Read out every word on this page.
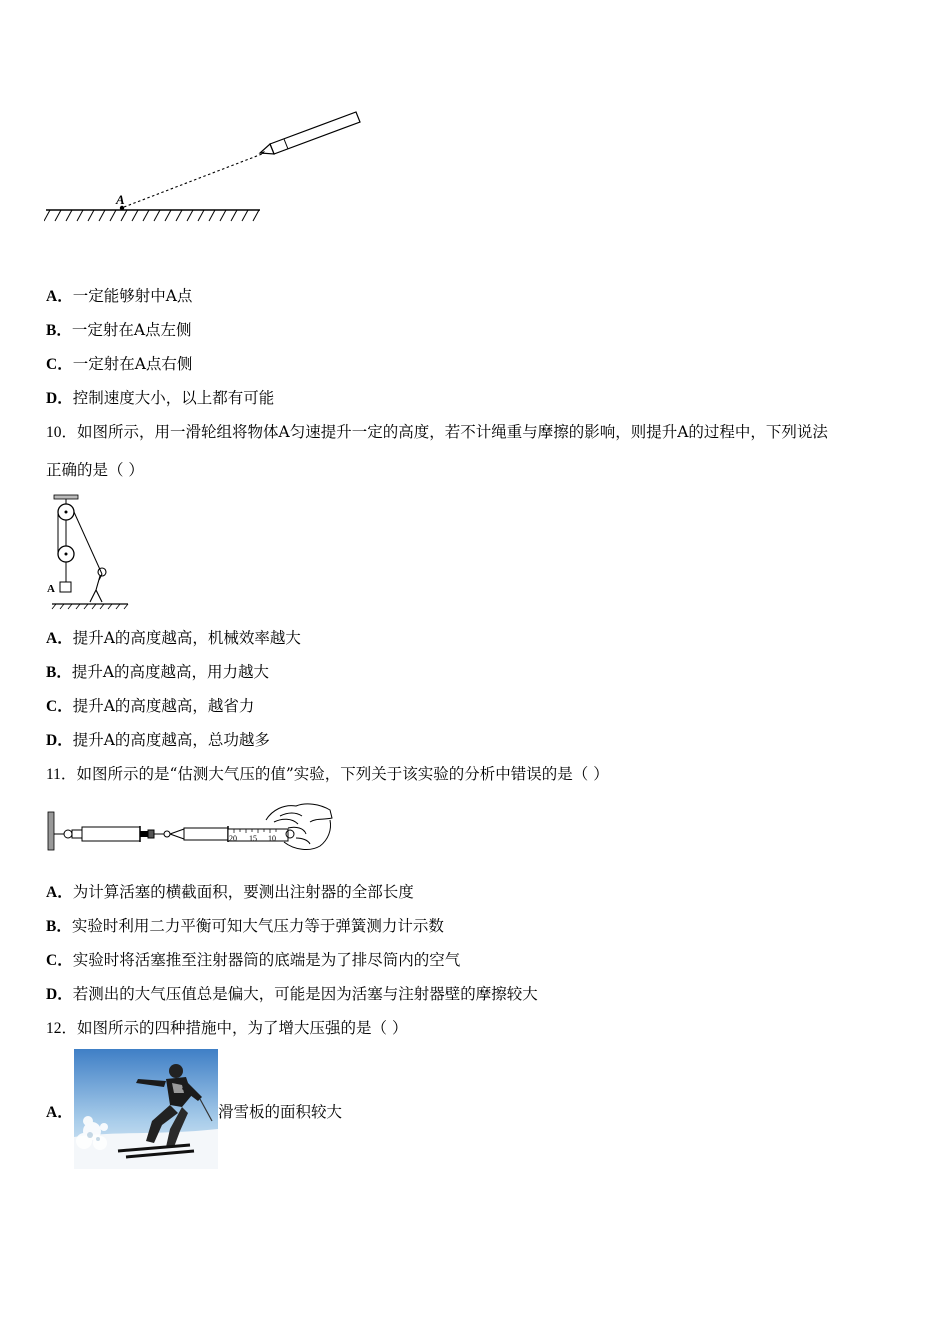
A
A．一定能够射中A点
B．一定射在A点左侧
C．一定射在A点右侧
D．控制速度大小，以上都有可能
10．如图所示，用一滑轮组将物体A匀速提升一定的高度，若不计绳重与摩擦的影响，则提升A的过程中，下列说法
正确的是（ ）
A
A．提升A的高度越高，机械效率越大
B．提升A的高度越高，用力越大
C．提升A的高度越高，越省力
D．提升A的高度越高，总功越多
11．如图所示的是“估测大气压的值”实验，下列关于该实验的分析中错误的是（ ）
20 15 10
A．为计算活塞的横截面积，要测出注射器的全部长度
B．实验时利用二力平衡可知大气压力等于弹簧测力计示数
C．实验时将活塞推至注射器筒的底端是为了排尽筒内的空气
D．若测出的大气压值总是偏大，可能是因为活塞与注射器壁的摩擦较大
12．如图所示的四种措施中，为了增大压强的是（ ）
A．	滑雪板的面积较大
